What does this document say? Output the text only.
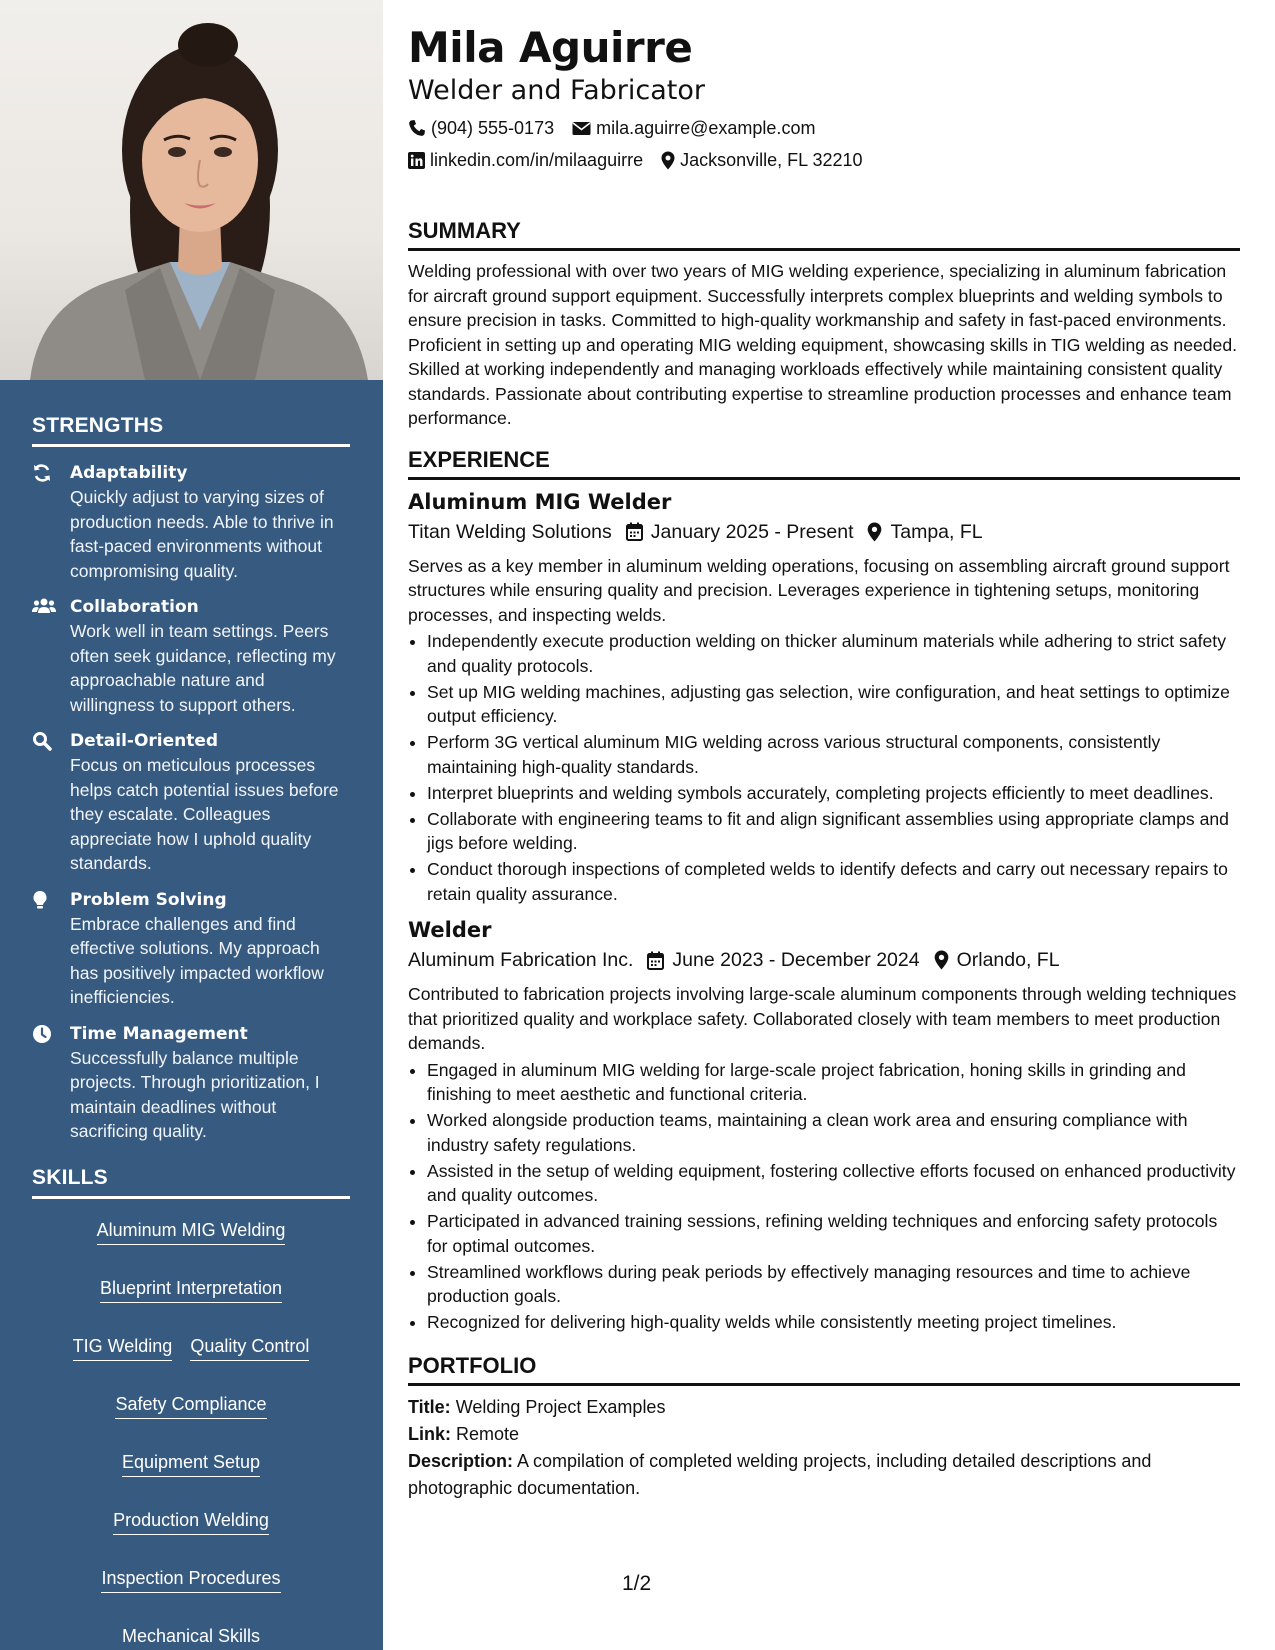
STRENGTHS
Adaptability
Quickly adjust to varying sizes of production needs. Able to thrive in fast-paced environments without compromising quality.
Collaboration
Work well in team settings. Peers often seek guidance, reflecting my approachable nature and willingness to support others.
Detail-Oriented
Focus on meticulous processes helps catch potential issues before they escalate. Colleagues appreciate how I uphold quality standards.
Problem Solving
Embrace challenges and find effective solutions. My approach has positively impacted workflow inefficiencies.
Time Management
Successfully balance multiple projects. Through prioritization, I maintain deadlines without sacrificing quality.
SKILLS
Aluminum MIG Welding
Blueprint Interpretation
TIG Welding Quality Control
Safety Compliance
Equipment Setup
Production Welding
Inspection Procedures
Mechanical Skills
Mila Aguirre
Welder and Fabricator
(904) 555-0173 mila.aguirre@example.com
linkedin.com/in/milaaguirre Jacksonville, FL 32210
SUMMARY

Welding professional with over two years of MIG welding experience, specializing in aluminum fabrication for aircraft ground support equipment. Successfully interprets complex blueprints and welding symbols to ensure precision in tasks. Committed to high-quality workmanship and safety in fast-paced environments. Proficient in setting up and operating MIG welding equipment, showcasing skills in TIG welding as needed. Skilled at working independently and managing workloads effectively while maintaining consistent quality standards. Passionate about contributing expertise to streamline production processes and enhance team performance.

EXPERIENCE
Aluminum MIG Welder
Titan Welding Solutions January 2025 - Present Tampa, FL

Serves as a key member in aluminum welding operations, focusing on assembling aircraft ground support structures while ensuring quality and precision. Leverages experience in tightening setups, monitoring processes, and inspecting welds.

• Independently execute production welding on thicker aluminum materials while adhering to strict safety and quality protocols.
• Set up MIG welding machines, adjusting gas selection, wire configuration, and heat settings to optimize output efficiency.
• Perform 3G vertical aluminum MIG welding across various structural components, consistently maintaining high-quality standards.
• Interpret blueprints and welding symbols accurately, completing projects efficiently to meet deadlines.
• Collaborate with engineering teams to fit and align significant assemblies using appropriate clamps and jigs before welding.
• Conduct thorough inspections of completed welds to identify defects and carry out necessary repairs to retain quality assurance.
Welder
Aluminum Fabrication Inc. June 2023 - December 2024 Orlando, FL

Contributed to fabrication projects involving large-scale aluminum components through welding techniques that prioritized quality and workplace safety. Collaborated closely with team members to meet production demands.

• Engaged in aluminum MIG welding for large-scale project fabrication, honing skills in grinding and finishing to meet aesthetic and functional criteria.
• Worked alongside production teams, maintaining a clean work area and ensuring compliance with industry safety regulations.
• Assisted in the setup of welding equipment, fostering collective efforts focused on enhanced productivity and quality outcomes.
• Participated in advanced training sessions, refining welding techniques and enforcing safety protocols for optimal outcomes.
• Streamlined workflows during peak periods by effectively managing resources and time to achieve production goals.
• Recognized for delivering high-quality welds while consistently meeting project timelines.
PORTFOLIO
Title: Welding Project Examples
Link: Remote
Description: A compilation of completed welding projects, including detailed descriptions and photographic documentation.
1/2
